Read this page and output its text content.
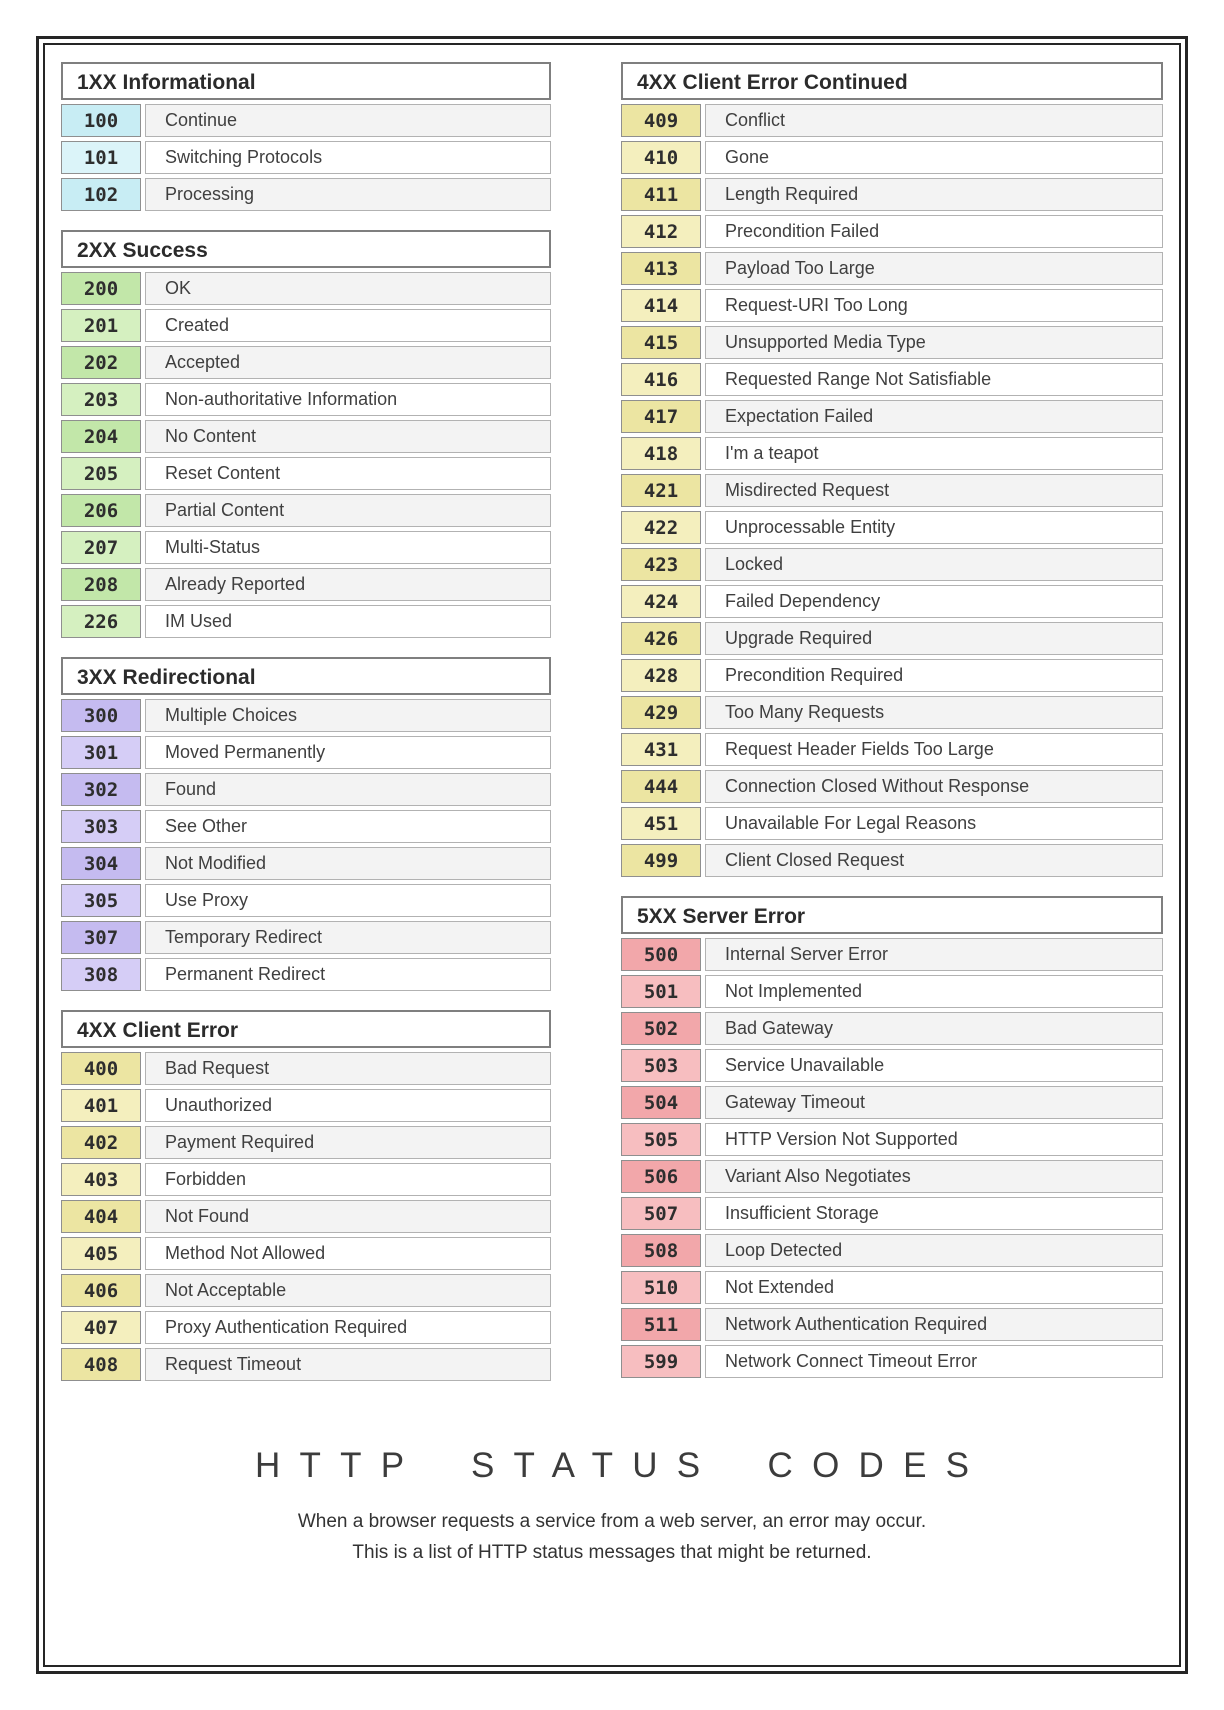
1XX Informational
100	Continue
101	Switching Protocols
102	Processing
2XX Success
200	OK
201	Created
202	Accepted
203	Non-authoritative Information
204	No Content
205	Reset Content
206	Partial Content
207	Multi-Status
208	Already Reported
226	IM Used
3XX Redirectional
300	Multiple Choices
301	Moved Permanently
302	Found
303	See Other
304	Not Modified
305	Use Proxy
307	Temporary Redirect
308	Permanent Redirect
4XX Client Error
400	Bad Request
401	Unauthorized
402	Payment Required
403	Forbidden
404	Not Found
405	Method Not Allowed
406	Not Acceptable
407	Proxy Authentication Required
408	Request Timeout
4XX Client Error Continued
409	Conflict
410	Gone
411	Length Required
412	Precondition Failed
413	Payload Too Large
414	Request-URI Too Long
415	Unsupported Media Type
416	Requested Range Not Satisfiable
417	Expectation Failed
418	I'm a teapot
421	Misdirected Request
422	Unprocessable Entity
423	Locked
424	Failed Dependency
426	Upgrade Required
428	Precondition Required
429	Too Many Requests
431	Request Header Fields Too Large
444	Connection Closed Without Response
451	Unavailable For Legal Reasons
499	Client Closed Request
5XX Server Error
500	Internal Server Error
501	Not Implemented
502	Bad Gateway
503	Service Unavailable
504	Gateway Timeout
505	HTTP Version Not Supported
506	Variant Also Negotiates
507	Insufficient Storage
508	Loop Detected
510	Not Extended
511	Network Authentication Required
599	Network Connect Timeout Error
HTTP STATUS CODES
When a browser requests a service from a web server, an error may occur.
This is a list of HTTP status messages that might be returned.
